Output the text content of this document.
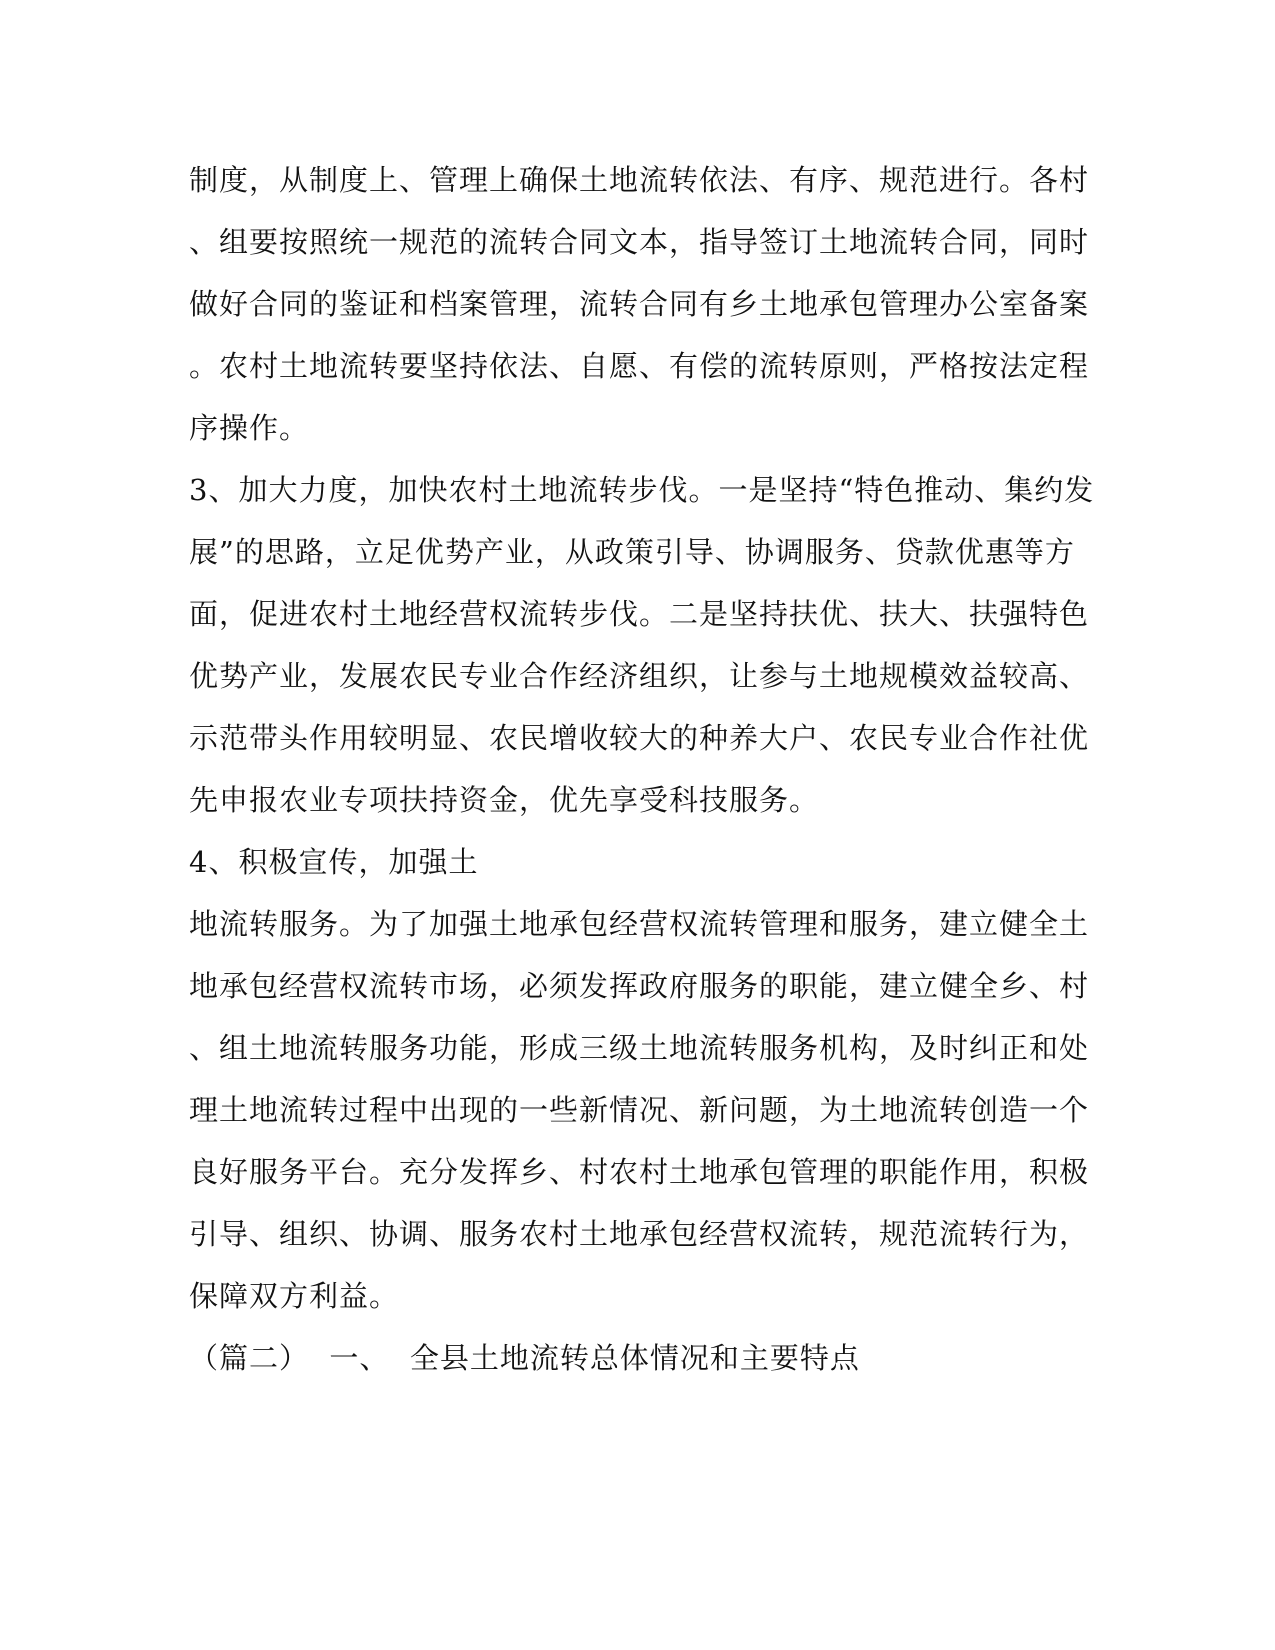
制度，从制度上、管理上确保土地流转依法、有序、规范进行。各村
、组要按照统一规范的流转合同文本，指导签订土地流转合同，同时
做好合同的鉴证和档案管理，流转合同有乡土地承包管理办公室备案
。农村土地流转要坚持依法、自愿、有偿的流转原则，严格按法定程
序操作。
3、加大力度，加快农村土地流转步伐。一是坚持“特色推动、集约发
展”的思路，立足优势产业，从政策引导、协调服务、贷款优惠等方
面，促进农村土地经营权流转步伐。二是坚持扶优、扶大、扶强特色
优势产业，发展农民专业合作经济组织，让参与土地规模效益较高、
示范带头作用较明显、农民增收较大的种养大户、农民专业合作社优
先申报农业专项扶持资金，优先享受科技服务。
4、积极宣传，加强土
地流转服务。为了加强土地承包经营权流转管理和服务，建立健全土
地承包经营权流转市场，必须发挥政府服务的职能，建立健全乡、村
、组土地流转服务功能，形成三级土地流转服务机构，及时纠正和处
理土地流转过程中出现的一些新情况、新问题，为土地流转创造一个
良好服务平台。充分发挥乡、村农村土地承包管理的职能作用，积极
引导、组织、协调、服务农村土地承包经营权流转，规范流转行为，
保障双方利益。
（篇二）  一、  全县土地流转总体情况和主要特点
